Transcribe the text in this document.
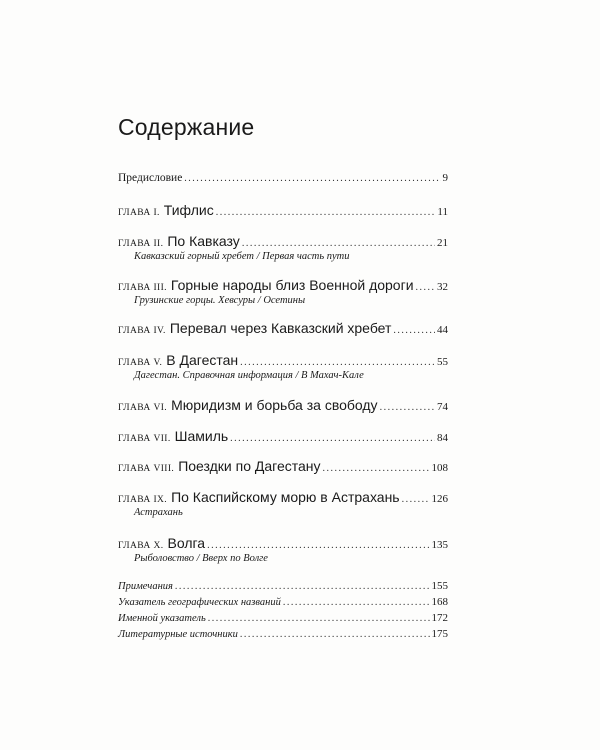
Содержание
Предисловие .....	9
ГЛАВА I. Тифлис .....	11
ГЛАВА II. По Кавказу .....	21
Кавказский горный хребет / Первая часть пути
ГЛАВА III. Горные народы близ Военной дороги ..... 32
Грузинские горцы. Хевсуры / Осетины
ГЛАВА IV. Перевал через Кавказский хребет .....	44
ГЛАВА V. В Дагестан .....	55
Дагестан. Справочная информация / В Махач-Кале
ГЛАВА VI. Мюридизм и борьба за свободу .....	74
ГЛАВА VII. Шамиль .....	84
ГЛАВА VIII. Поездки по Дагестану .....	108
ГЛАВА IX. По Каспийскому морю в Астрахань .....	126
Астрахань
ГЛАВА X. Волга .....	135
Рыболовство / Вверх по Волге
Примечания .....	155
Указатель географических названий .....	168
Именной указатель .....	172
Литературные источники .....	175
